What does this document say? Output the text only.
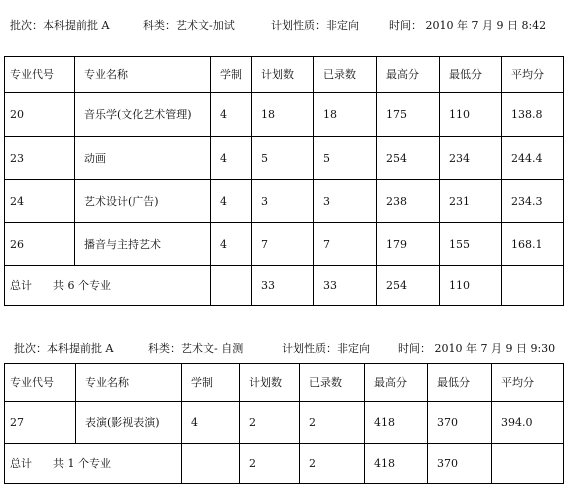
批次：本科提前批 A	科类：艺术文-加试	计划性质：非定向	时间： 2010 年 7 月 9 日 8:42
专业代号	专业名称	学制	计划数	已录数	最高分	最低分	平均分
20	音乐学(文化艺术管理)	4	18	18	175	110	138.8
23	动画	4	5	5	254	234	244.4
24	艺术设计(广告)	4	3	3	238	231	234.3
26	播音与主持艺术	4	7	7	179	155	168.1
总计      共 6 个专业			33	33	254	110	
批次：本科提前批 A	科类：艺术文- 自测	计划性质：非定向	时间： 2010 年 7 月 9 日 9:30
专业代号	专业名称	学制	计划数	已录数	最高分	最低分	平均分
27	表演(影视表演)	4	2	2	418	370	394.0
总计      共 1 个专业			2	2	418	370	
